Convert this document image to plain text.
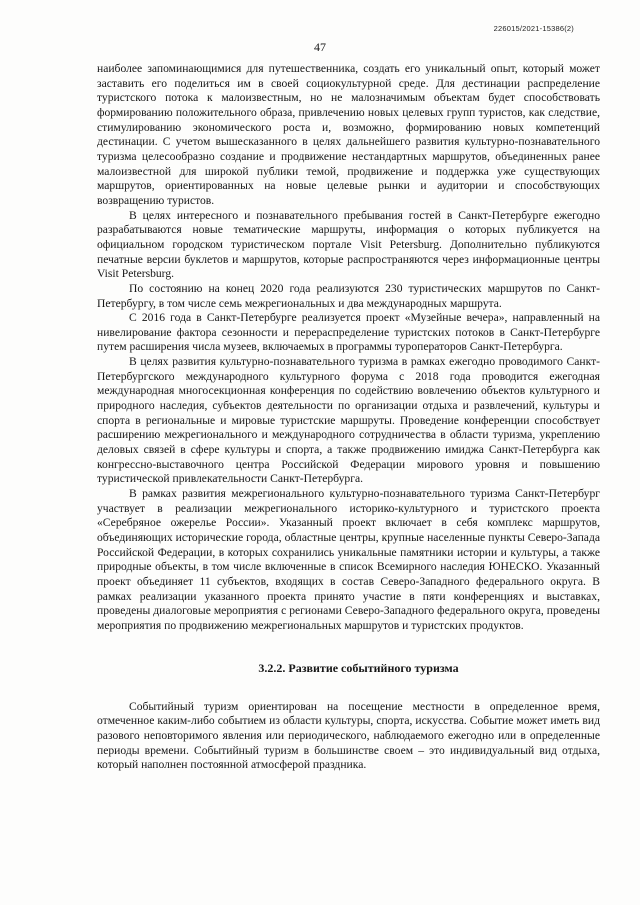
226015/2021-15386(2)
47

наиболее запоминающимися для путешественника, создать его уникальный опыт, который может заставить его поделиться им в своей социокультурной среде. Для дестинации распределение туристского потока к малоизвестным, но не малозначимым объектам будет способствовать формированию положительного образа, привлечению новых целевых групп туристов, как следствие, стимулированию экономического роста и, возможно, формированию новых компетенций дестинации. С учетом вышесказанного в целях дальнейшего развития культурно-познавательного туризма целесообразно создание и продвижение нестандартных маршрутов, объединенных ранее малоизвестной для широкой публики темой, продвижение и поддержка уже существующих маршрутов, ориентированных на новые целевые рынки и аудитории и способствующих возвращению туристов.

В целях интересного и познавательного пребывания гостей в Санкт-Петербурге ежегодно разрабатываются новые тематические маршруты, информация о которых публикуется на официальном городском туристическом портале Visit Petersburg. Дополнительно публикуются печатные версии буклетов и маршрутов, которые распространяются через информационные центры Visit Petersburg.

По состоянию на конец 2020 года реализуются 230 туристических маршрутов по Санкт-Петербургу, в том числе семь межрегиональных и два международных маршрута.

С 2016 года в Санкт-Петербурге реализуется проект «Музейные вечера», направленный на нивелирование фактора сезонности и перераспределение туристских потоков в Санкт-Петербурге путем расширения числа музеев, включаемых в программы туроператоров Санкт-Петербурга.

В целях развития культурно-познавательного туризма в рамках ежегодно проводимого Санкт-Петербургского международного культурного форума с 2018 года проводится ежегодная международная многосекционная конференция по содействию вовлечению объектов культурного и природного наследия, субъектов деятельности по организации отдыха и развлечений, культуры и спорта в региональные и мировые туристские маршруты. Проведение конференции способствует расширению межрегионального и международного сотрудничества в области туризма, укреплению деловых связей в сфере культуры и спорта, а также продвижению имиджа Санкт-Петербурга как конгрессно-выставочного центра Российской Федерации мирового уровня и повышению туристической привлекательности Санкт-Петербурга.

В рамках развития межрегионального культурно-познавательного туризма Санкт-Петербург участвует в реализации межрегионального историко-культурного и туристского проекта «Серебряное ожерелье России». Указанный проект включает в себя комплекс маршрутов, объединяющих исторические города, областные центры, крупные населенные пункты Северо-Запада Российской Федерации, в которых сохранились уникальные памятники истории и культуры, а также природные объекты, в том числе включенные в список Всемирного наследия ЮНЕСКО. Указанный проект объединяет 11 субъектов, входящих в состав Северо-Западного федерального округа. В рамках реализации указанного проекта принято участие в пяти конференциях и выставках, проведены диалоговые мероприятия с регионами Северо-Западного федерального округа, проведены мероприятия по продвижению межрегиональных маршрутов и туристских продуктов.

3.2.2. Развитие событийного туризма

Событийный туризм ориентирован на посещение местности в определенное время, отмеченное каким-либо событием из области культуры, спорта, искусства. Событие может иметь вид разового неповторимого явления или периодического, наблюдаемого ежегодно или в определенные периоды времени. Событийный туризм в большинстве своем – это индивидуальный вид отдыха, который наполнен постоянной атмосферой праздника.
